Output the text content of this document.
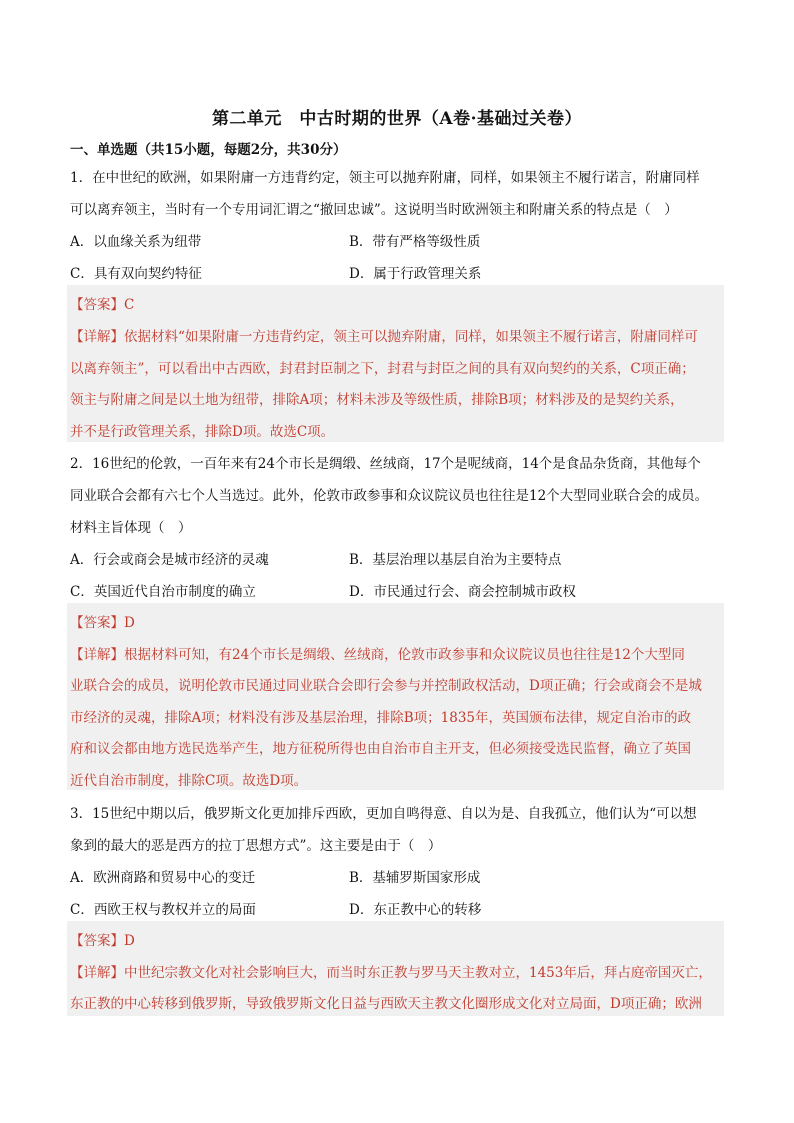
第二单元　中古时期的世界（A卷·基础过关卷）
一、单选题（共15小题，每题2分，共30分）
1．在中世纪的欧洲，如果附庸一方违背约定，领主可以抛弃附庸，同样，如果领主不履行诺言，附庸同样
可以离弃领主，当时有一个专用词汇谓之“撤回忠诚”。这说明当时欧洲领主和附庸关系的特点是（　）
A．以血缘关系为纽带	B．带有严格等级性质
C．具有双向契约特征	D．属于行政管理关系
【答案】C
【详解】依据材料“如果附庸一方违背约定，领主可以抛弃附庸，同样，如果领主不履行诺言，附庸同样可
以离弃领主”，可以看出中古西欧，封君封臣制之下，封君与封臣之间的具有双向契约的关系，C项正确；
领主与附庸之间是以土地为纽带，排除A项；材料未涉及等级性质，排除B项；材料涉及的是契约关系，
并不是行政管理关系，排除D项。故选C项。
2．16世纪的伦敦，一百年来有24个市长是绸缎、丝绒商，17个是呢绒商，14个是食品杂货商，其他每个
同业联合会都有六七个人当选过。此外，伦敦市政参事和众议院议员也往往是12个大型同业联合会的成员。
材料主旨体现（　）
A．行会或商会是城市经济的灵魂	B．基层治理以基层自治为主要特点
C．英国近代自治市制度的确立	D．市民通过行会、商会控制城市政权
【答案】D
【详解】根据材料可知，有24个市长是绸缎、丝绒商，伦敦市政参事和众议院议员也往往是12个大型同
业联合会的成员，说明伦敦市民通过同业联合会即行会参与并控制政权活动，D项正确；行会或商会不是城
市经济的灵魂，排除A项；材料没有涉及基层治理，排除B项；1835年，英国颁布法律，规定自治市的政
府和议会都由地方选民选举产生，地方征税所得也由自治市自主开支，但必须接受选民监督，确立了英国
近代自治市制度，排除C项。故选D项。
3．15世纪中期以后，俄罗斯文化更加排斥西欧，更加自鸣得意、自以为是、自我孤立，他们认为“可以想
象到的最大的恶是西方的拉丁思想方式”。这主要是由于（　）
A．欧洲商路和贸易中心的变迁	B．基辅罗斯国家形成
C．西欧王权与教权并立的局面	D．东正教中心的转移
【答案】D
【详解】中世纪宗教文化对社会影响巨大，而当时东正教与罗马天主教对立，1453年后，拜占庭帝国灭亡，
东正教的中心转移到俄罗斯，导致俄罗斯文化日益与西欧天主教文化圈形成文化对立局面，D项正确；欧洲
